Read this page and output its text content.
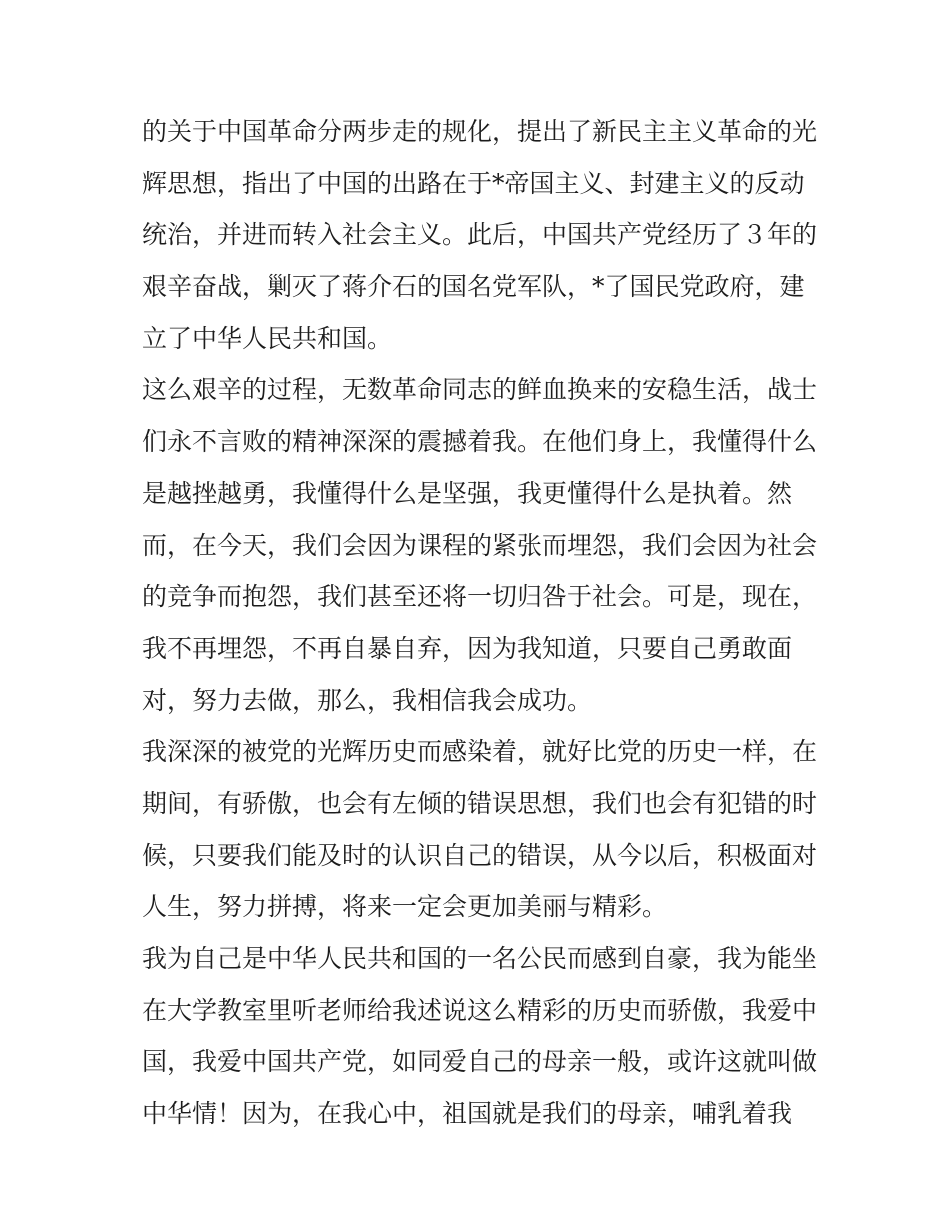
的关于中国革命分两步走的规化，提出了新民主主义革命的光
辉思想，指出了中国的出路在于*帝国主义、封建主义的反动
统治，并进而转入社会主义。此后，中国共产党经历了３年的
艰辛奋战，剿灭了蒋介石的国名党军队，*了国民党政府，建
立了中华人民共和国。
这么艰辛的过程，无数革命同志的鲜血换来的安稳生活，战士
们永不言败的精神深深的震撼着我。在他们身上，我懂得什么
是越挫越勇，我懂得什么是坚强，我更懂得什么是执着。然
而，在今天，我们会因为课程的紧张而埋怨，我们会因为社会
的竞争而抱怨，我们甚至还将一切归咎于社会。可是，现在，
我不再埋怨，不再自暴自弃，因为我知道，只要自己勇敢面
对，努力去做，那么，我相信我会成功。
我深深的被党的光辉历史而感染着，就好比党的历史一样，在
期间，有骄傲，也会有左倾的错误思想，我们也会有犯错的时
候，只要我们能及时的认识自己的错误，从今以后，积极面对
人生，努力拼搏，将来一定会更加美丽与精彩。
我为自己是中华人民共和国的一名公民而感到自豪，我为能坐
在大学教室里听老师给我述说这么精彩的历史而骄傲，我爱中
国，我爱中国共产党，如同爱自己的母亲一般，或许这就叫做
中华情！因为，在我心中，祖国就是我们的母亲，哺乳着我
